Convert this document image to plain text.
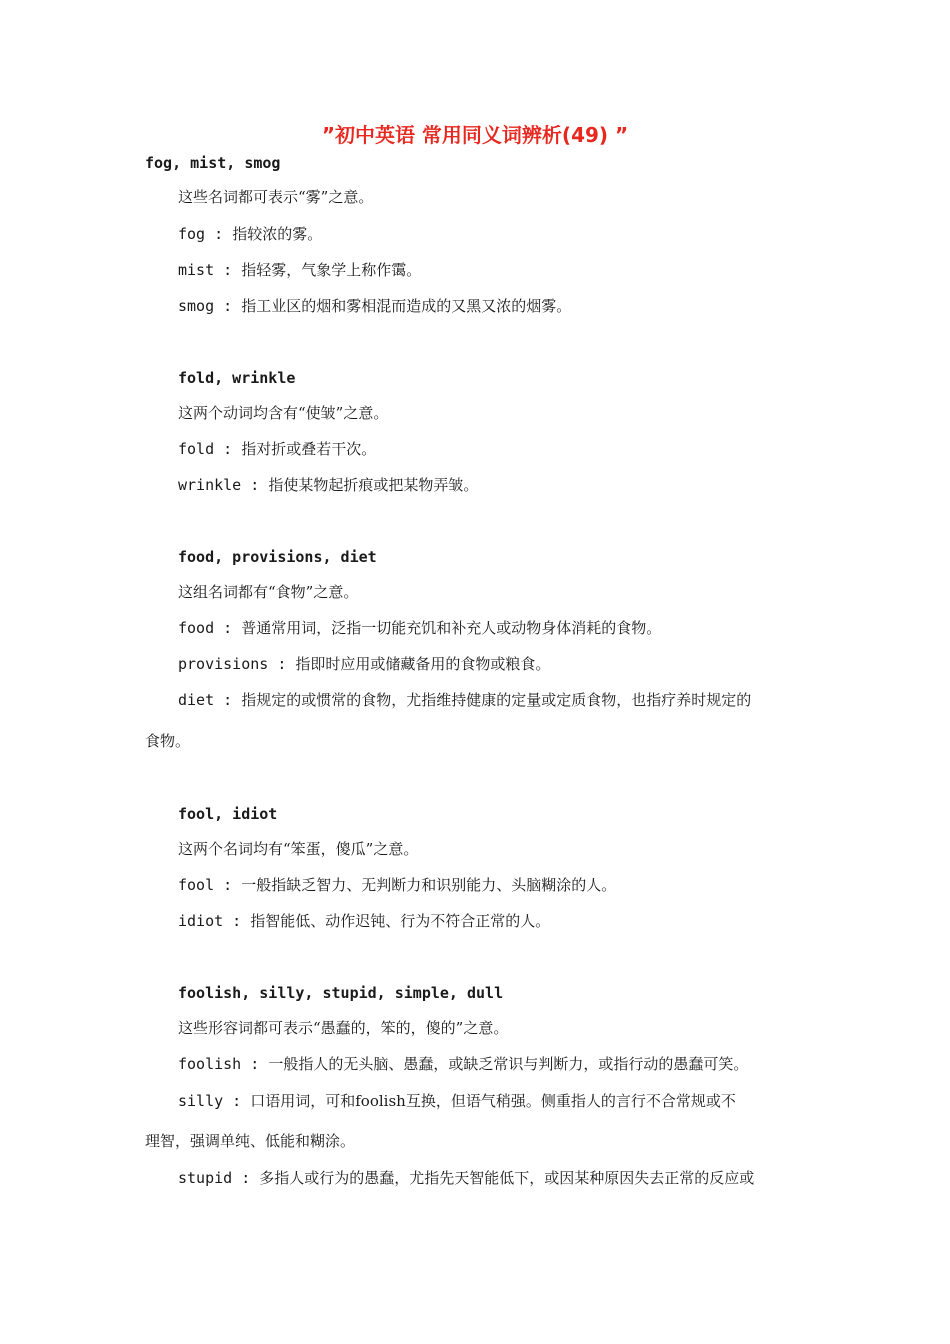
”初中英语 常用同义词辨析(49) ”
fog, mist, smog
这些名词都可表示“雾”之意。
fog : 指较浓的雾。
mist : 指轻雾，气象学上称作霭。
smog : 指工业区的烟和雾相混而造成的又黑又浓的烟雾。
fold, wrinkle
这两个动词均含有“使皱”之意。
fold : 指对折或叠若干次。
wrinkle : 指使某物起折痕或把某物弄皱。
food, provisions, diet
这组名词都有“食物”之意。
food : 普通常用词，泛指一切能充饥和补充人或动物身体消耗的食物。
provisions : 指即时应用或储藏备用的食物或粮食。
diet : 指规定的或惯常的食物，尤指维持健康的定量或定质食物，也指疗养时规定的
食物。
fool, idiot
这两个名词均有“笨蛋，傻瓜”之意。
fool : 一般指缺乏智力、无判断力和识别能力、头脑糊涂的人。
idiot : 指智能低、动作迟钝、行为不符合正常的人。
foolish, silly, stupid, simple, dull
这些形容词都可表示“愚蠢的，笨的，傻的”之意。
foolish : 一般指人的无头脑、愚蠢，或缺乏常识与判断力，或指行动的愚蠢可笑。
silly : 口语用词，可和foolish互换，但语气稍强。侧重指人的言行不合常规或不
理智，强调单纯、低能和糊涂。
stupid : 多指人或行为的愚蠢，尤指先天智能低下，或因某种原因失去正常的反应或
